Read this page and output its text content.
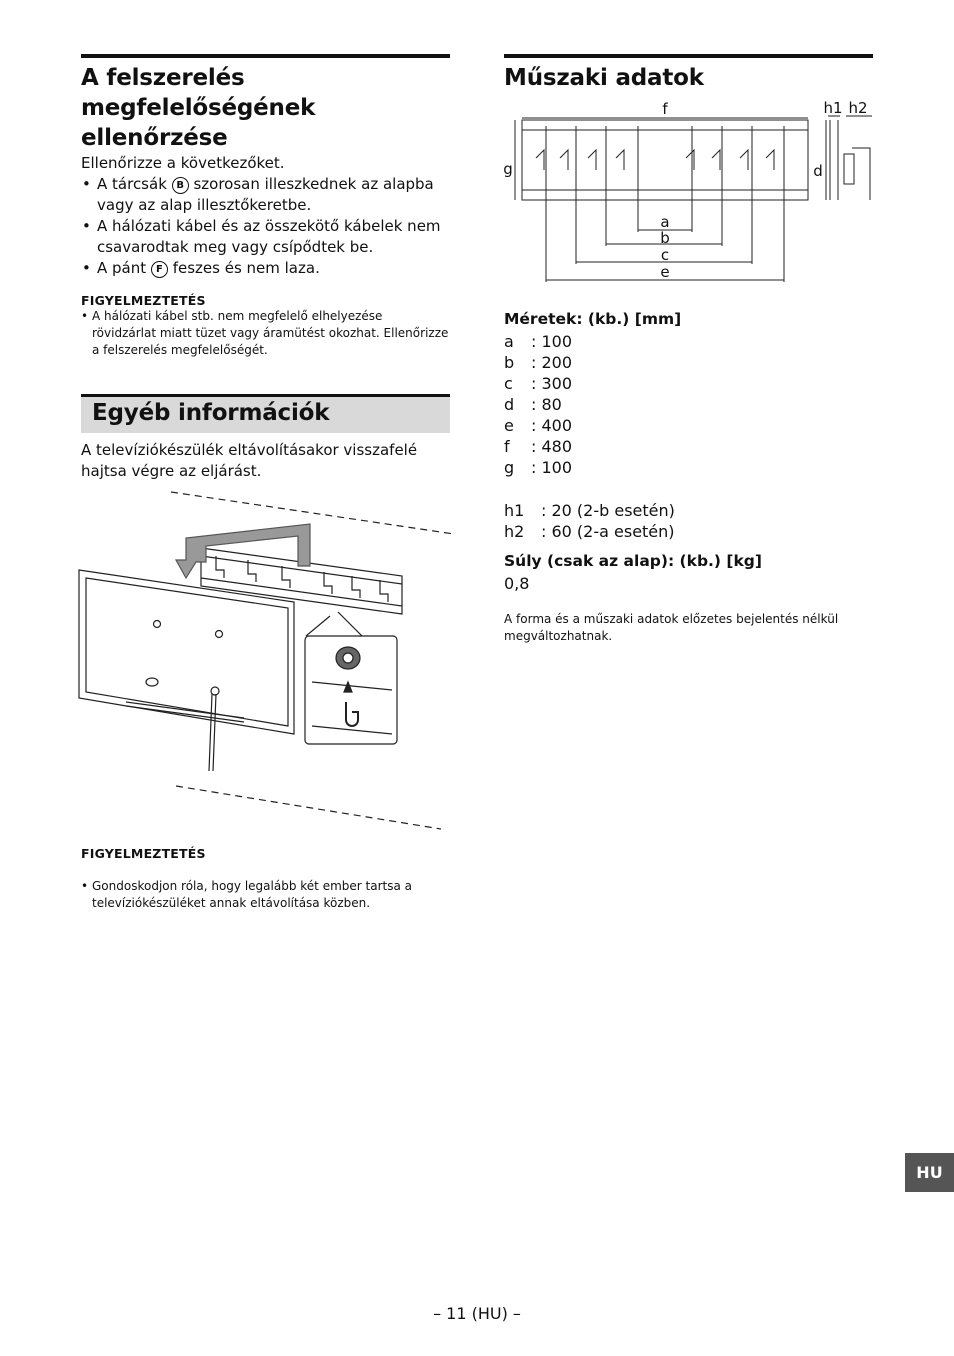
A felszerelés
megfelelőségének
ellenőrzése
Ellenőrizze a következőket.
• A tárcsák B szorosan illeszkednek az alapba vagy az alap illesztőkeretbe.
• A hálózati kábel és az összekötő kábelek nem csavarodtak meg vagy csípődtek be.
• A pánt F feszes és nem laza.
FIGYELMEZTETÉS
• A hálózati kábel stb. nem megfelelő elhelyezése rövidzárlat miatt tüzet vagy áramütést okozhat. Ellenőrizze a felszerelés megfelelőségét.
Egyéb információk
A televíziókészülék eltávolításakor visszafelé hajtsa végre az eljárást.
FIGYELMEZTETÉS
• Gondoskodjon róla, hogy legalább két ember tartsa a televíziókészüléket annak eltávolítása közben.
Műszaki adatok
f
g	d
h1 h2
a
b
c
e
Méretek: (kb.) [mm]
a	: 100
b	: 200
c	: 300
d	: 80
e	: 400
f	: 480
g	: 100
h1	: 20 (2-b esetén)
h2	: 60 (2-a esetén)
Súly (csak az alap): (kb.) [kg]
0,8
A forma és a műszaki adatok előzetes bejelentés nélkül megváltozhatnak.
HU
– 11 (HU) –
